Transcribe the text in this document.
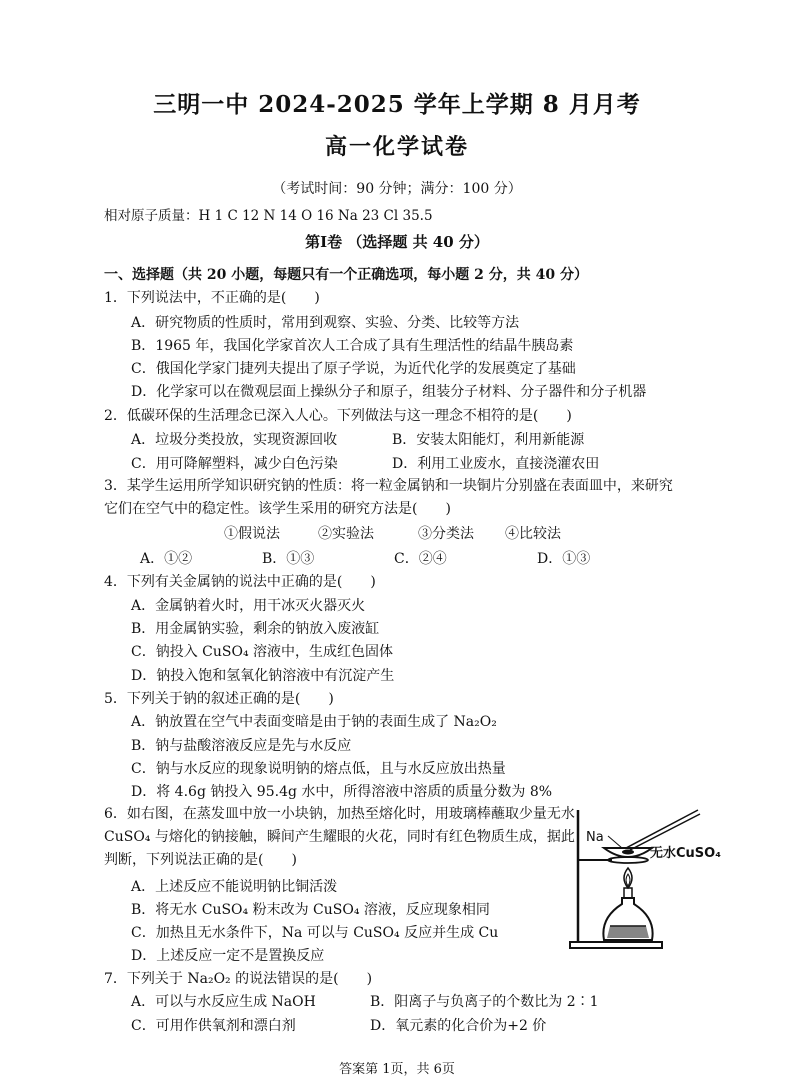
三明一中 2024-2025 学年上学期 8 月月考
高一化学试卷
（考试时间：90 分钟；满分：100 分）
相对原子质量：H 1 C 12 N 14 O 16 Na 23 Cl 35.5
第Ⅰ卷 （选择题 共 40 分）
一、选择题（共 20 小题，每题只有一个正确选项，每小题 2 分，共 40 分）
1．下列说法中，不正确的是(　　)
A．研究物质的性质时，常用到观察、实验、分类、比较等方法
B．1965 年，我国化学家首次人工合成了具有生理活性的结晶牛胰岛素
C．俄国化学家门捷列夫提出了原子学说，为近代化学的发展奠定了基础
D．化学家可以在微观层面上操纵分子和原子，组装分子材料、分子器件和分子机器
2．低碳环保的生活理念已深入人心。下列做法与这一理念不相符的是(　　)
A．垃圾分类投放，实现资源回收	B．安装太阳能灯，利用新能源
C．用可降解塑料，减少白色污染	D．利用工业废水，直接浇灌农田
3．某学生运用所学知识研究钠的性质：将一粒金属钠和一块铜片分别盛在表面皿中，来研究它们在空气中的稳定性。该学生采用的研究方法是(　　)
①假说法	②实验法	③分类法 ④比较法
A．①②	B．①③	C．②④	D．①③
4．下列有关金属钠的说法中正确的是(　　)
A．金属钠着火时，用干冰灭火器灭火
B．用金属钠实验，剩余的钠放入废液缸
C．钠投入 CuSO₄ 溶液中，生成红色固体
D．钠投入饱和氢氧化钠溶液中有沉淀产生
5．下列关于钠的叙述正确的是(　　)
A．钠放置在空气中表面变暗是由于钠的表面生成了 Na₂O₂
B．钠与盐酸溶液反应是先与水反应
C．钠与水反应的现象说明钠的熔点低，且与水反应放出热量
D．将 4.6g 钠投入 95.4g 水中，所得溶液中溶质的质量分数为 8%
6．如右图，在蒸发皿中放一小块钠，加热至熔化时，用玻璃棒蘸取少量无水 CuSO₄ 与熔化的钠接触，瞬间产生耀眼的火花，同时有红色物质生成，据此判断，下列说法正确的是(　　)
A．上述反应不能说明钠比铜活泼
B．将无水 CuSO₄ 粉末改为 CuSO₄ 溶液，反应现象相同
C．加热且无水条件下，Na 可以与 CuSO₄ 反应并生成 Cu
D．上述反应一定不是置换反应
Na
无水CuSO₄
7．下列关于 Na₂O₂ 的说法错误的是(　　)
A．可以与水反应生成 NaOH	B．阳离子与负离子的个数比为 2∶1
C．可用作供氧剂和漂白剂	D．氧元素的化合价为+2 价
答案第 1页，共 6页
